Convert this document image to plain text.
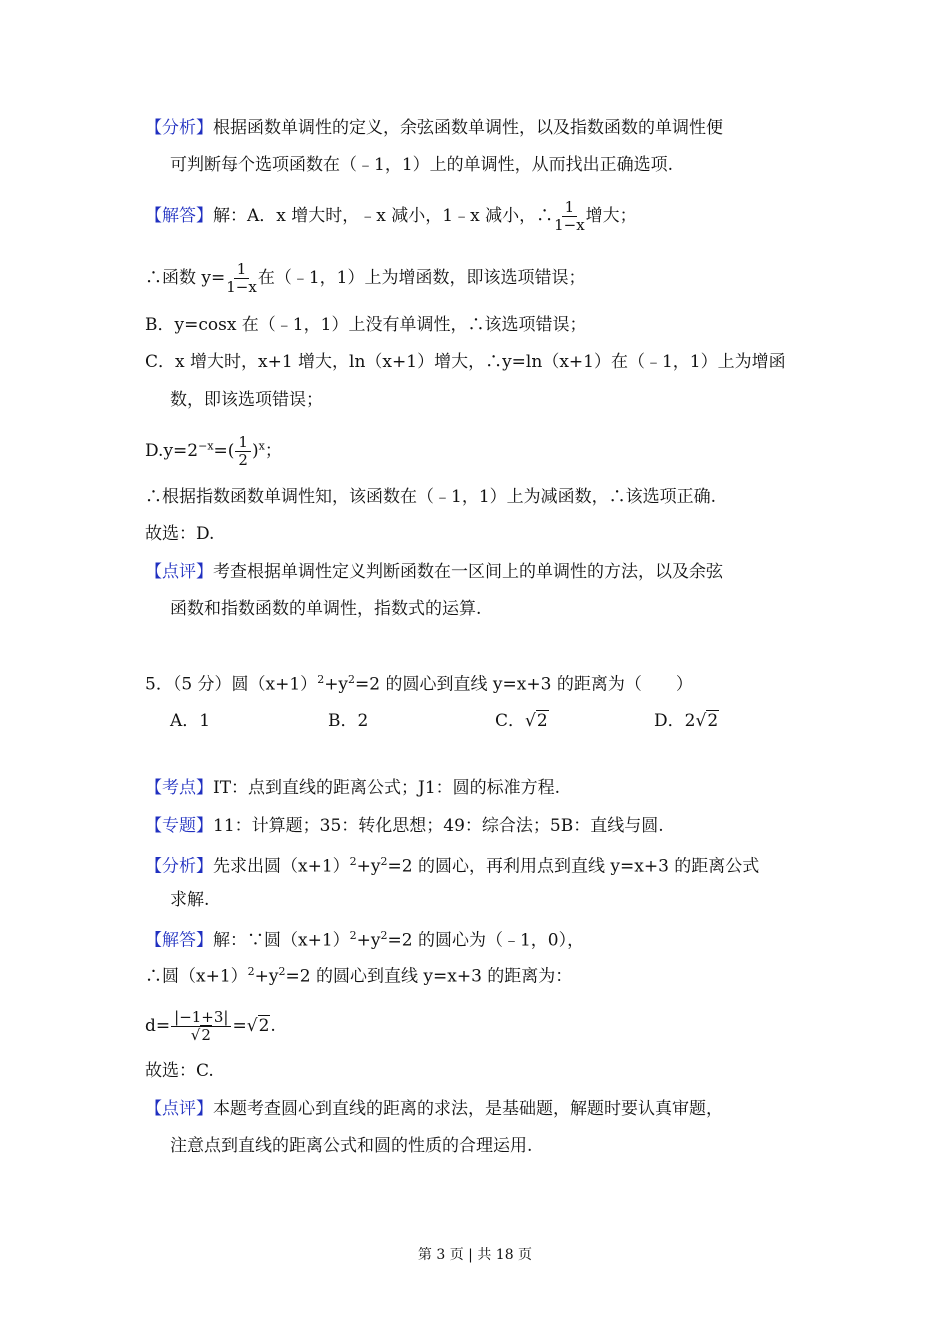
【分析】根据函数单调性的定义，余弦函数单调性，以及指数函数的单调性便
可判断每个选项函数在（﹣1，1）上的单调性，从而找出正确选项.
【解答】解：A．x 增大时，﹣x 减小，1﹣x 减小，∴ $\frac{1}{1-x}$ 增大；
∴函数 $y= \frac{1}{1-x}$ 在（﹣1，1）上为增函数，即该选项错误；
B．y=cosx 在（﹣1，1）上没有单调性，∴该选项错误；
C．x 增大时，x+1 增大，ln（x+1）增大，∴y=ln（x+1）在（﹣1，1）上为增函
数，即该选项错误；
$D.y=2^{-x}=( \frac{1}{2} )^x$；
∴根据指数函数单调性知，该函数在（﹣1，1）上为减函数，∴该选项正确.
故选：D.
【点评】考查根据单调性定义判断函数在一区间上的单调性的方法，以及余弦
函数和指数函数的单调性，指数式的运算.
5．（5 分）圆$(x+1)^2+y^2=2$ 的圆心到直线 y=x+3 的距离为（　　）
A．1	B．2	C．√2	D．2√2
【考点】IT：点到直线的距离公式；J1：圆的标准方程.
【专题】11：计算题；35：转化思想；49：综合法；5B：直线与圆.
【分析】先求出圆$(x+1)^2+y^2=2$ 的圆心，再利用点到直线 y=x+3 的距离公式
求解.
【解答】解：∵圆$(x+1)^2+y^2=2$ 的圆心为（﹣1，0），
∴圆$(x+1)^2+y^2=2$ 的圆心到直线 y=x+3 的距离为：
$d= \frac{|-1+3|}{√2} =√2$.
故选：C.
【点评】本题考查圆心到直线的距离的求法，是基础题，解题时要认真审题，
注意点到直线的距离公式和圆的性质的合理运用.
第 3 页 | 共 18 页
